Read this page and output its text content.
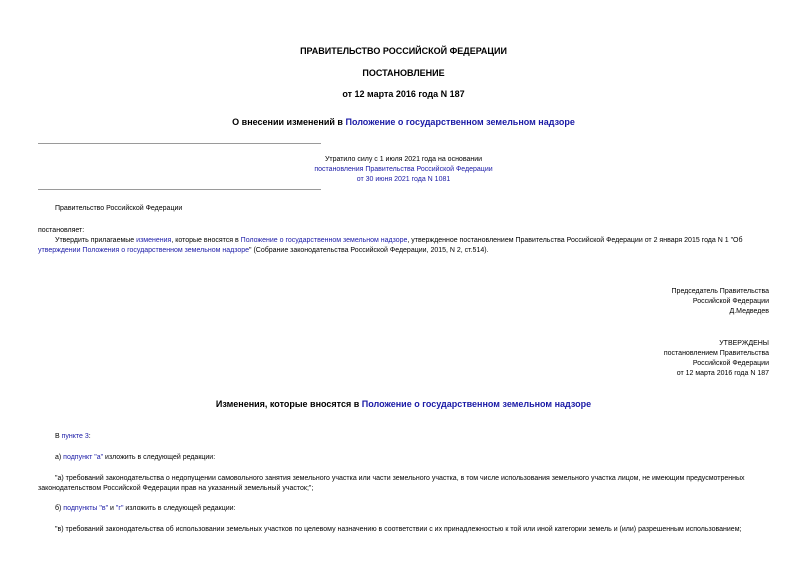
ПРАВИТЕЛЬСТВО РОССИЙСКОЙ ФЕДЕРАЦИИ
ПОСТАНОВЛЕНИЕ
от 12 марта 2016 года N 187
О внесении изменений в Положение о государственном земельном надзоре
Утратило силу с 1 июля 2021 года на основании
постановления Правительства Российской Федерации
от 30 июня 2021 года N 1081
Правительство Российской Федерации
постановляет:
Утвердить прилагаемые изменения, которые вносятся в Положение о государственном земельном надзоре, утвержденное постановлением Правительства Российской Федерации от 2 января 2015 года N 1 "Об
утверждении Положения о государственном земельном надзоре" (Собрание законодательства Российской Федерации, 2015, N 2, ст.514).
Председатель Правительства
Российской Федерации
Д.Медведев
УТВЕРЖДЕНЫ
постановлением Правительства
Российской Федерации
от 12 марта 2016 года N 187
Изменения, которые вносятся в Положение о государственном земельном надзоре
В пункте 3:
а) подпункт "а" изложить в следующей редакции:
"а) требований законодательства о недопущении самовольного занятия земельного участка или части земельного участка, в том числе использования земельного участка лицом, не имеющим предусмотренных
законодательством Российской Федерации прав на указанный земельный участок;";
б) подпункты "в" и "г" изложить в следующей редакции:
"в) требований законодательства об использовании земельных участков по целевому назначению в соответствии с их принадлежностью к той или иной категории земель и (или) разрешенным использованием;
